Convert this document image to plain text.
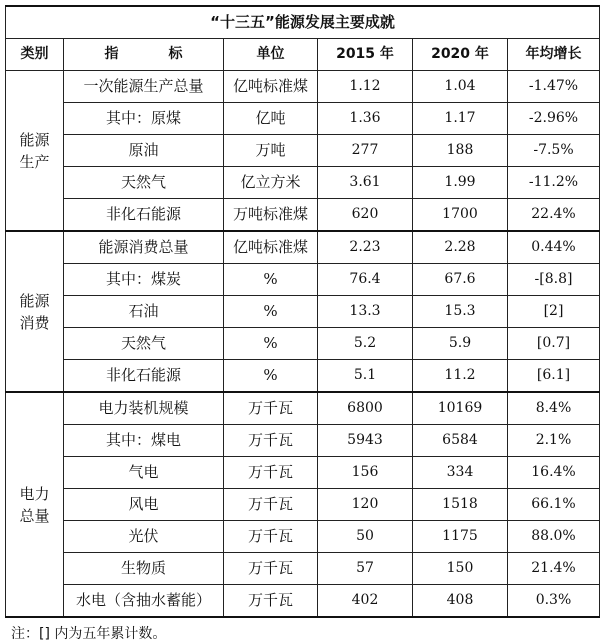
“十三五”能源发展主要成就					
类别	指　标	单位	2015 年	2020 年	年均增长

能源
生产	一次能源生产总量	亿吨标准煤	1.12	1.04	-1.47%
	其中：原煤	亿吨	1.36	1.17	-2.96%
	原油	万吨	277	188	-7.5%
	天然气	亿立方米	3.61	1.99	-11.2%
	非化石能源	万吨标准煤	620	1700	22.4%

能源
消费	能源消费总量	亿吨标准煤	2.23	2.28	0.44%
	其中：煤炭	%	76.4	67.6	-[8.8]
	石油	%	13.3	15.3	[2]
	天然气	%	5.2	5.9	[0.7]
	非化石能源	%	5.1	11.2	[6.1]

电力
总量	电力装机规模	万千瓦	6800	10169	8.4%
	其中：煤电	万千瓦	5943	6584	2.1%
	气电	万千瓦	156	334	16.4%
	风电	万千瓦	120	1518	66.1%
	光伏	万千瓦	50	1175	88.0%
	生物质	万千瓦	57	150	21.4%
	水电（含抽水蓄能）	万千瓦	402	408	0.3%
注：[] 内为五年累计数。
